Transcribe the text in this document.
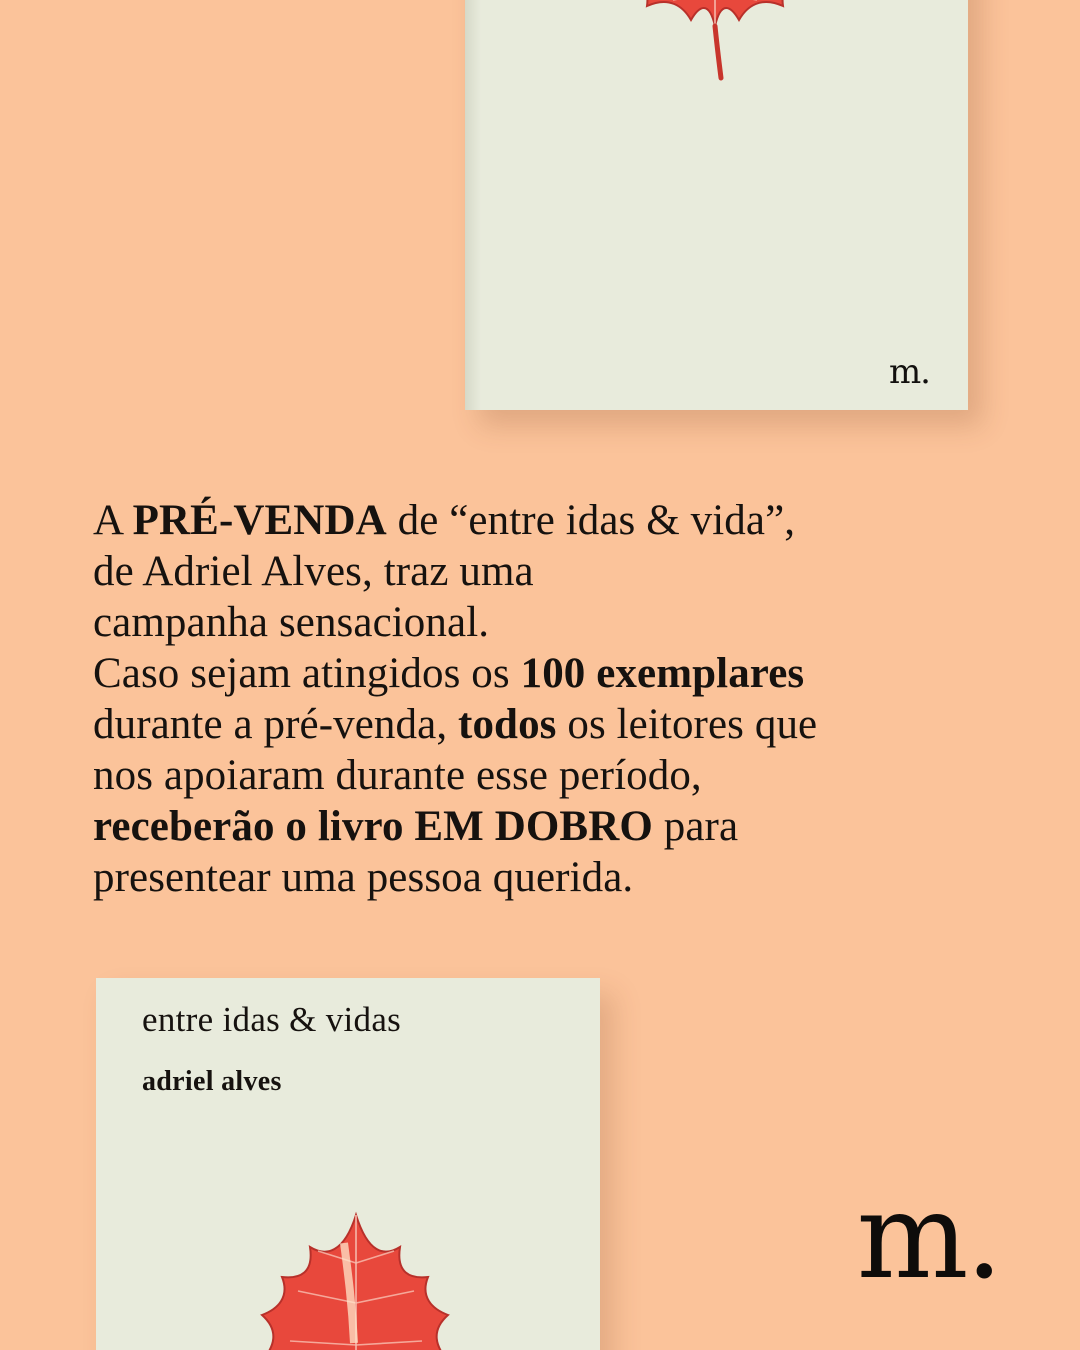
m.
A PRÉ-VENDA de “entre idas & vida”,
de Adriel Alves, traz uma
campanha sensacional.
Caso sejam atingidos os 100 exemplares
durante a pré-venda, todos os leitores que
nos apoiaram durante esse período,
receberão o livro EM DOBRO para
presentear uma pessoa querida.
entre idas & vidas
adriel alves
m.
